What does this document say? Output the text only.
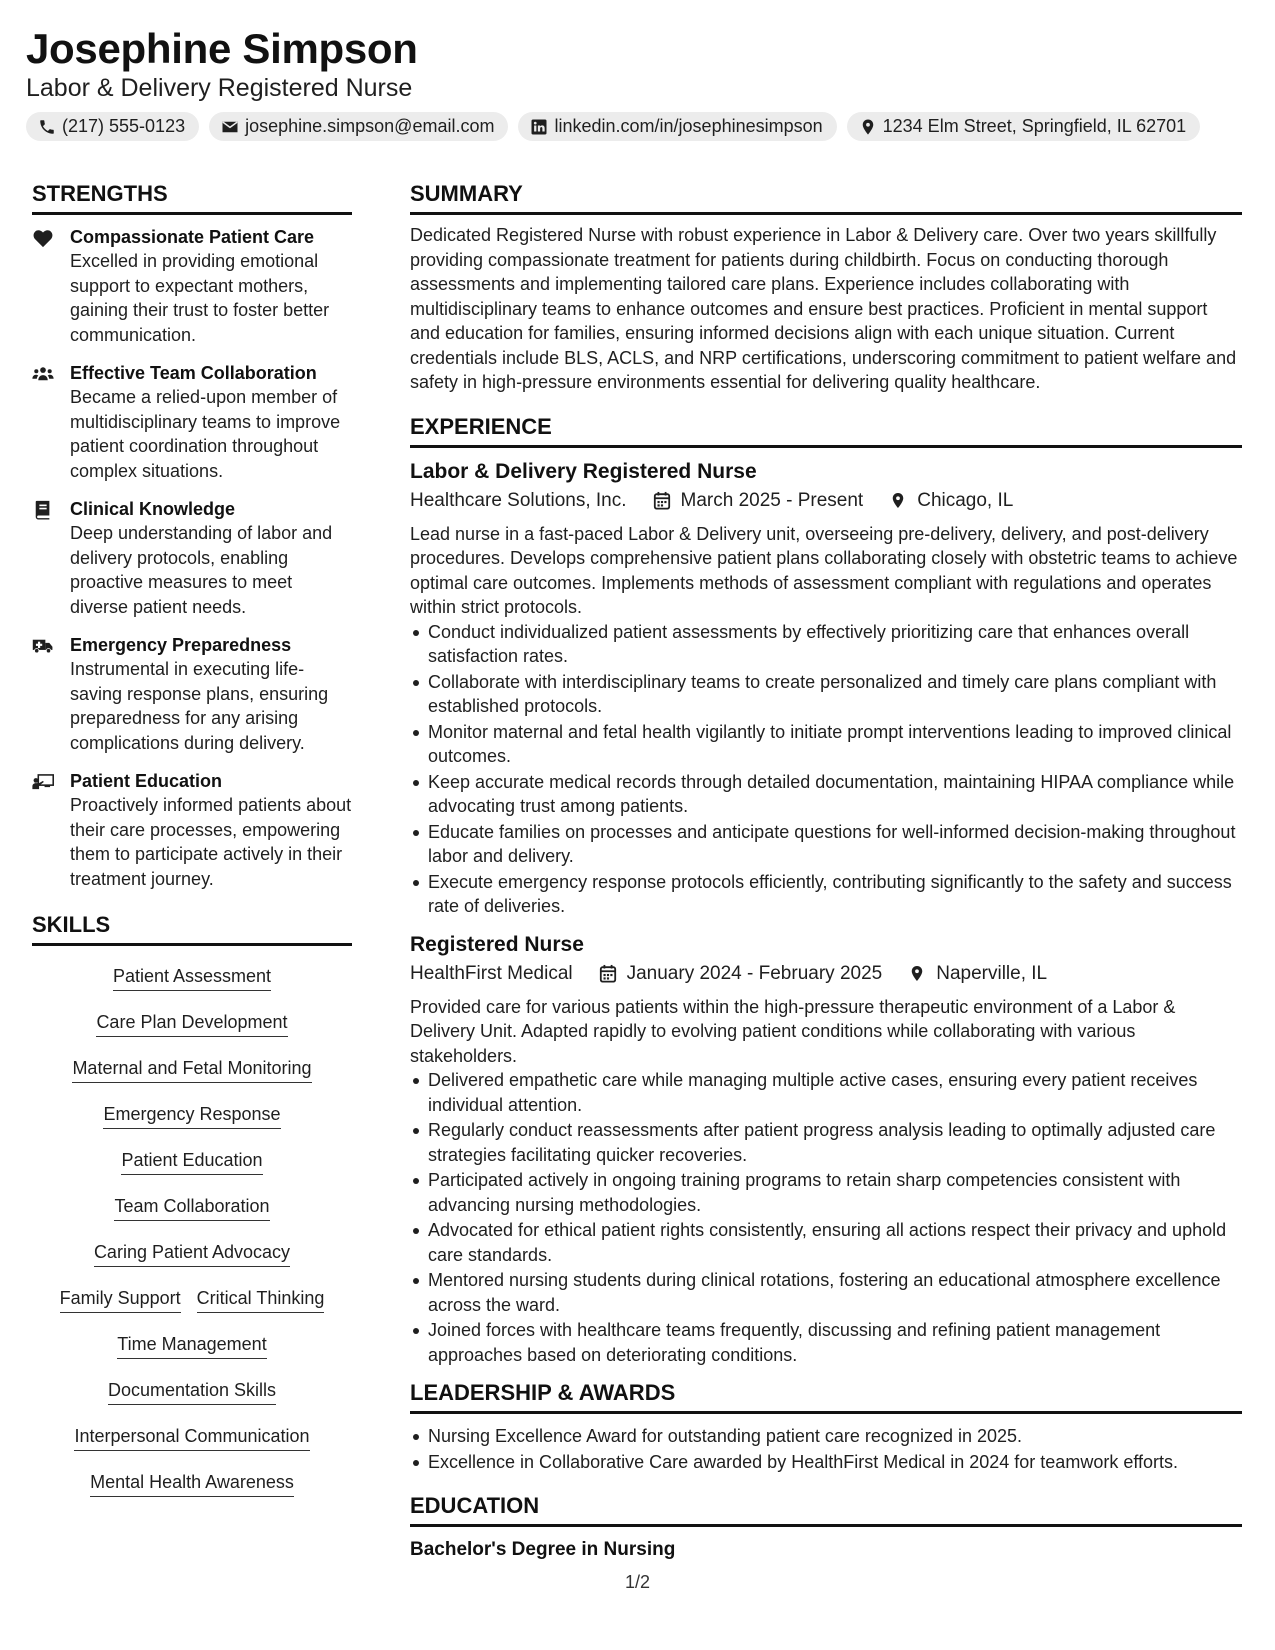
Josephine Simpson
Labor & Delivery Registered Nurse
(217) 555-0123	josephine.simpson@email.com	linkedin.com/in/josephinesimpson	1234 Elm Street, Springfield, IL 62701
STRENGTHS
Compassionate Patient Care
Excelled in providing emotional support to expectant mothers, gaining their trust to foster better communication.
Effective Team Collaboration
Became a relied-upon member of multidisciplinary teams to improve patient coordination throughout complex situations.
Clinical Knowledge
Deep understanding of labor and delivery protocols, enabling proactive measures to meet diverse patient needs.
Emergency Preparedness
Instrumental in executing life-saving response plans, ensuring preparedness for any arising complications during delivery.
Patient Education
Proactively informed patients about their care processes, empowering them to participate actively in their treatment journey.
SKILLS
Patient Assessment
Care Plan Development
Maternal and Fetal Monitoring
Emergency Response
Patient Education
Team Collaboration
Caring Patient Advocacy
Family Support Critical Thinking
Time Management
Documentation Skills
Interpersonal Communication
Mental Health Awareness
SUMMARY
Dedicated Registered Nurse with robust experience in Labor & Delivery care. Over two years skillfully providing compassionate treatment for patients during childbirth. Focus on conducting thorough assessments and implementing tailored care plans. Experience includes collaborating with multidisciplinary teams to enhance outcomes and ensure best practices. Proficient in mental support and education for families, ensuring informed decisions align with each unique situation. Current credentials include BLS, ACLS, and NRP certifications, underscoring commitment to patient welfare and safety in high-pressure environments essential for delivering quality healthcare.
EXPERIENCE
Labor & Delivery Registered Nurse
Healthcare Solutions, Inc.	March 2025 - Present	Chicago, IL
Lead nurse in a fast-paced Labor & Delivery unit, overseeing pre-delivery, delivery, and post-delivery procedures. Develops comprehensive patient plans collaborating closely with obstetric teams to achieve optimal care outcomes. Implements methods of assessment compliant with regulations and operates within strict protocols.
Conduct individualized patient assessments by effectively prioritizing care that enhances overall satisfaction rates.
Collaborate with interdisciplinary teams to create personalized and timely care plans compliant with established protocols.
Monitor maternal and fetal health vigilantly to initiate prompt interventions leading to improved clinical outcomes.
Keep accurate medical records through detailed documentation, maintaining HIPAA compliance while advocating trust among patients.
Educate families on processes and anticipate questions for well-informed decision-making throughout labor and delivery.
Execute emergency response protocols efficiently, contributing significantly to the safety and success rate of deliveries.
Registered Nurse
HealthFirst Medical	January 2024 - February 2025	Naperville, IL
Provided care for various patients within the high-pressure therapeutic environment of a Labor & Delivery Unit. Adapted rapidly to evolving patient conditions while collaborating with various stakeholders.
Delivered empathetic care while managing multiple active cases, ensuring every patient receives individual attention.
Regularly conduct reassessments after patient progress analysis leading to optimally adjusted care strategies facilitating quicker recoveries.
Participated actively in ongoing training programs to retain sharp competencies consistent with advancing nursing methodologies.
Advocated for ethical patient rights consistently, ensuring all actions respect their privacy and uphold care standards.
Mentored nursing students during clinical rotations, fostering an educational atmosphere excellence across the ward.
Joined forces with healthcare teams frequently, discussing and refining patient management approaches based on deteriorating conditions.
LEADERSHIP & AWARDS
Nursing Excellence Award for outstanding patient care recognized in 2025.
Excellence in Collaborative Care awarded by HealthFirst Medical in 2024 for teamwork efforts.
EDUCATION
Bachelor's Degree in Nursing
1/2
